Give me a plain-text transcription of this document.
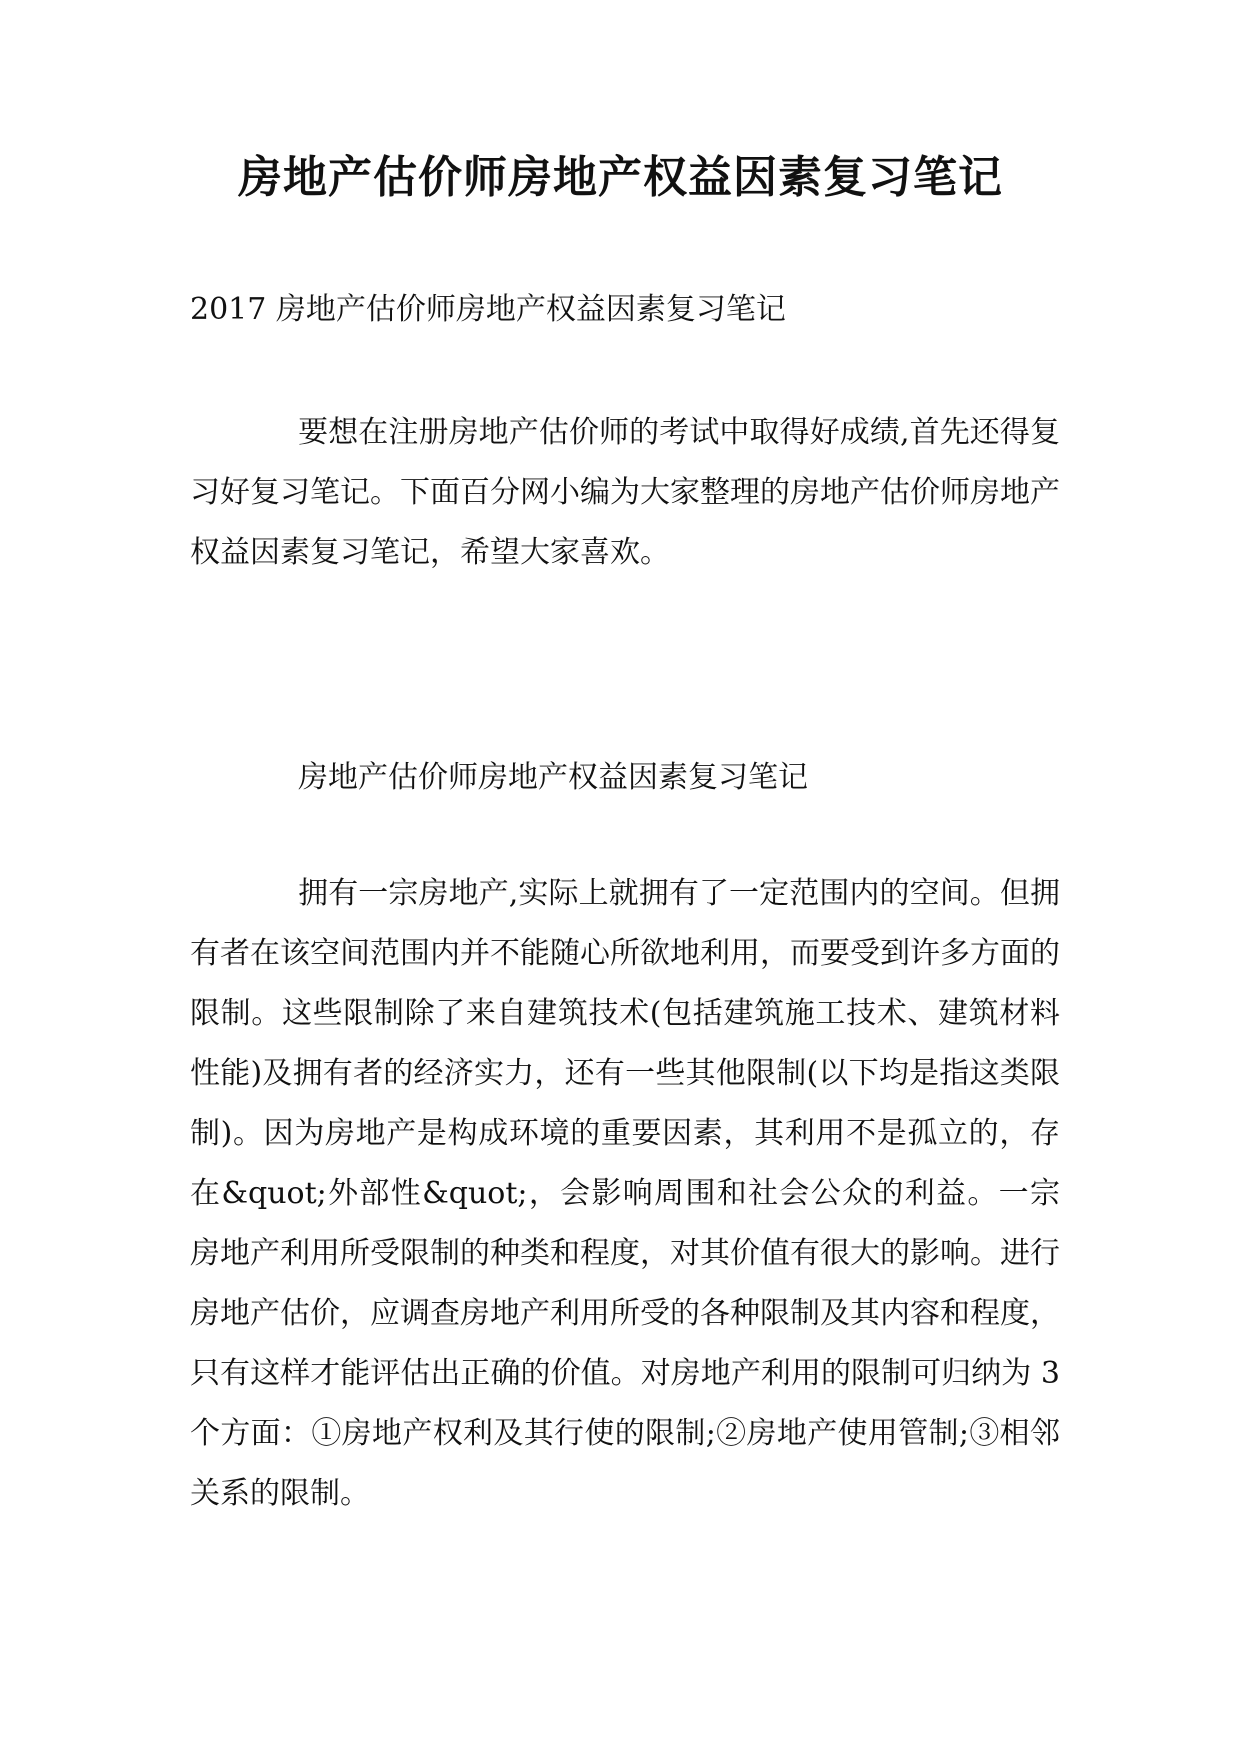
房地产估价师房地产权益因素复习笔记
2017 房地产估价师房地产权益因素复习笔记

要想在注册房地产估价师的考试中取得好成绩,首先还得复习好复习笔记。下面百分网小编为大家整理的房地产估价师房地产权益因素复习笔记，希望大家喜欢。

房地产估价师房地产权益因素复习笔记

拥有一宗房地产,实际上就拥有了一定范围内的空间。但拥有者在该空间范围内并不能随心所欲地利用，而要受到许多方面的限制。这些限制除了来自建筑技术(包括建筑施工技术、建筑材料性能)及拥有者的经济实力，还有一些其他限制(以下均是指这类限制)。因为房地产是构成环境的重要因素，其利用不是孤立的，存在&quot;外部性&quot;，会影响周围和社会公众的利益。一宗房地产利用所受限制的种类和程度，对其价值有很大的影响。进行房地产估价，应调查房地产利用所受的各种限制及其内容和程度，只有这样才能评估出正确的价值。对房地产利用的限制可归纳为 3 个方面：①房地产权利及其行使的限制;②房地产使用管制;③相邻关系的限制。
